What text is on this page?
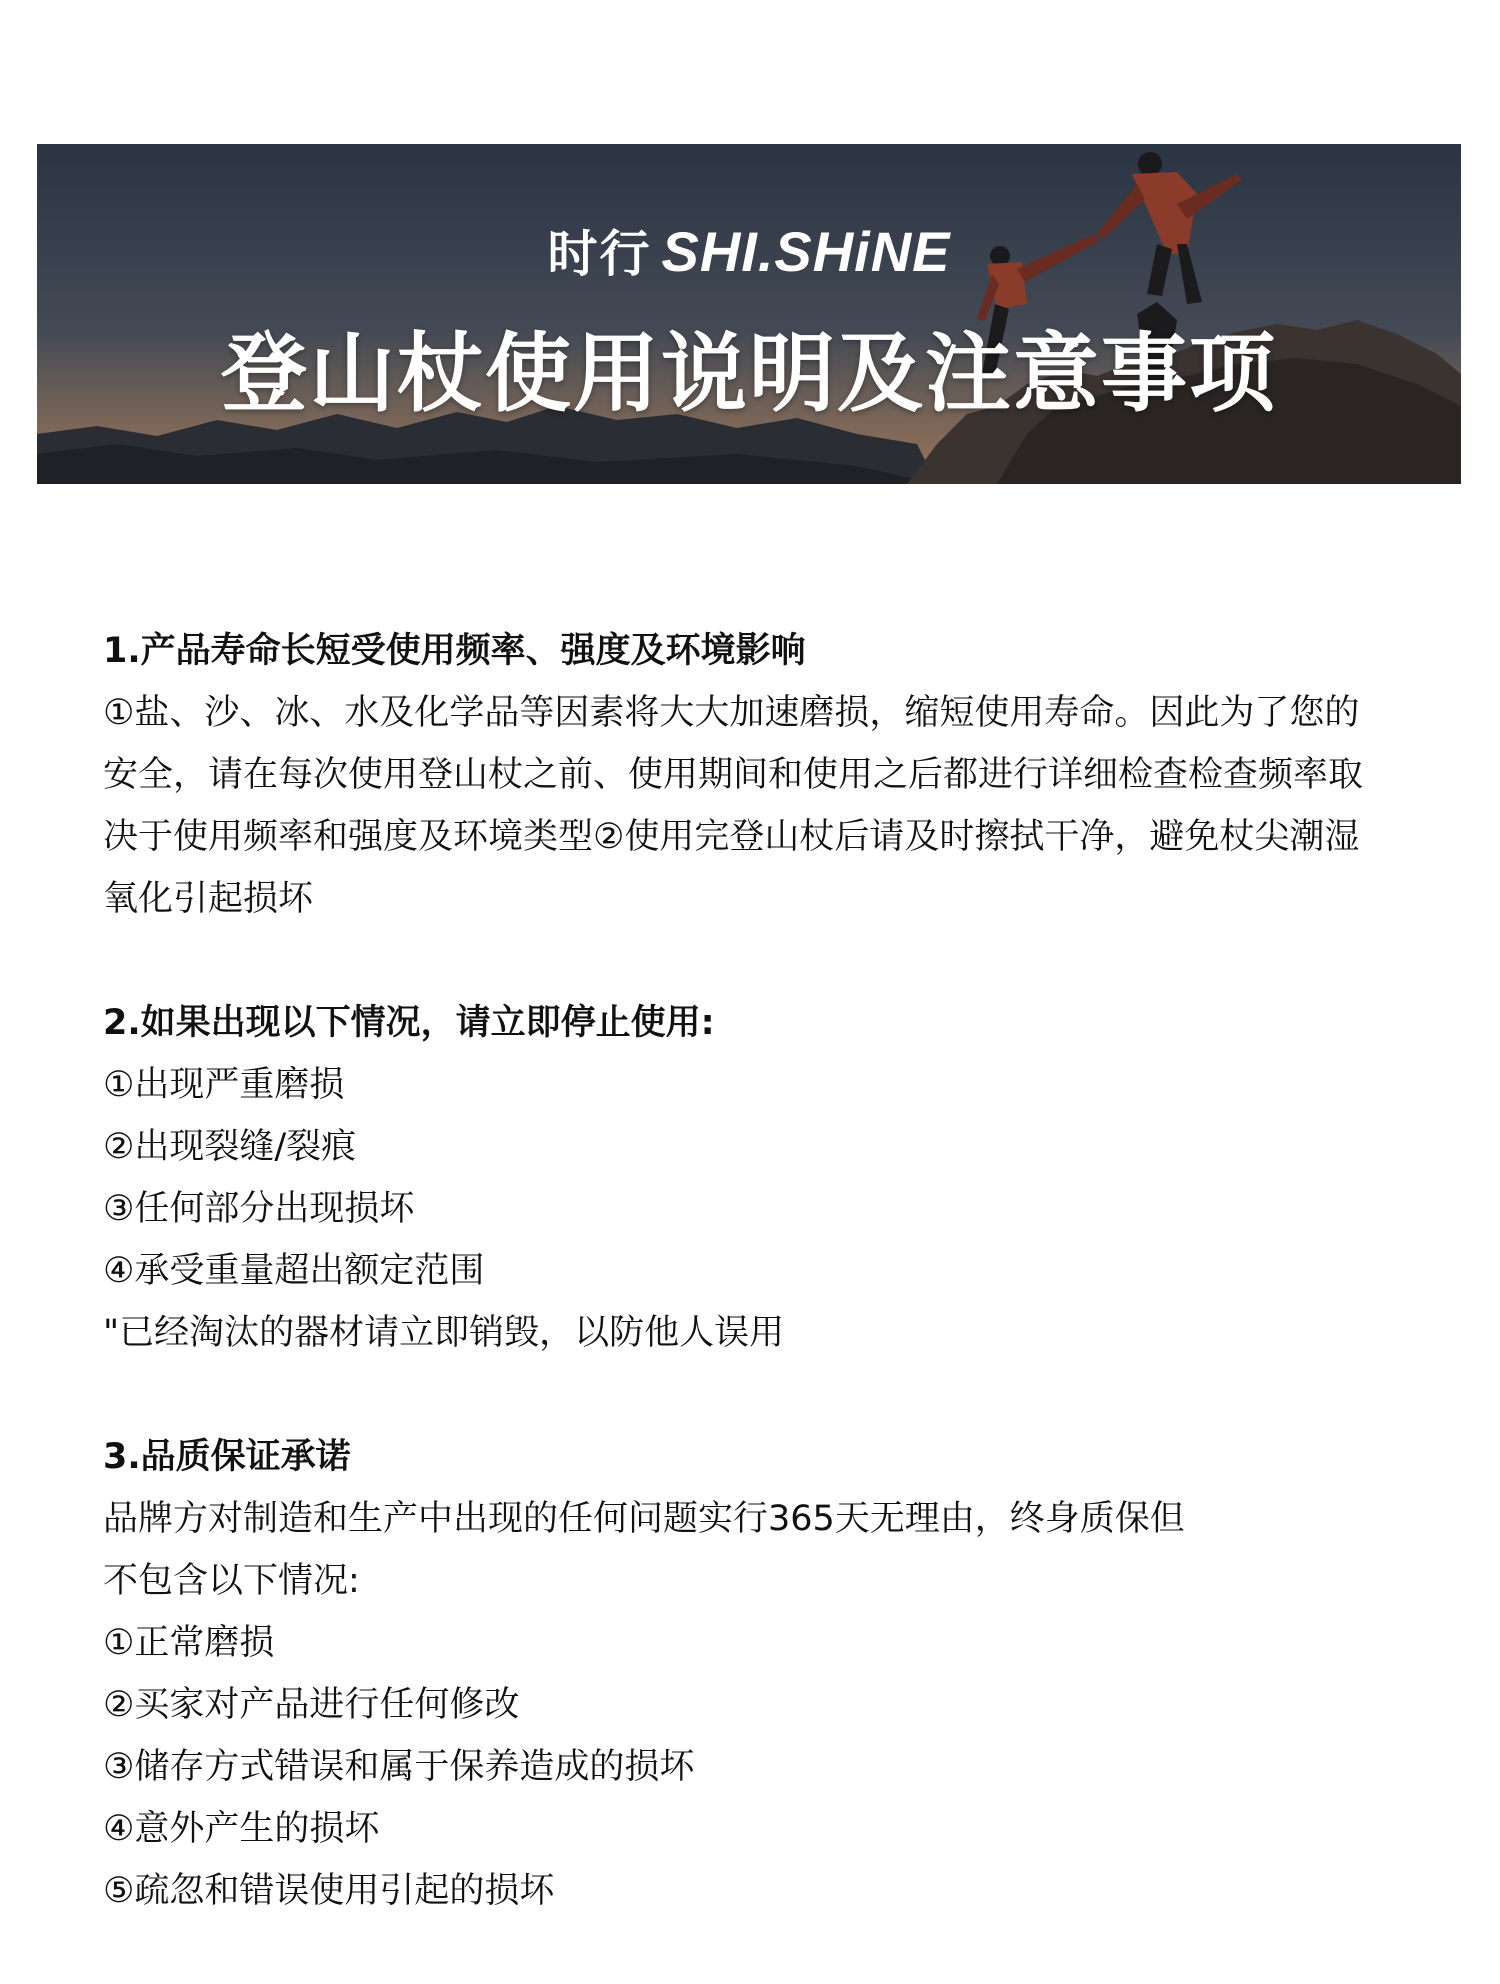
时行 SHI.SHiNE
登山杖使用说明及注意事项

1.产品寿命长短受使用频率、强度及环境影响

①盐、沙、冰、水及化学品等因素将大大加速磨损，缩短使用寿命。因此为了您的安全，请在每次使用登山杖之前、使用期间和使用之后都进行详细检查检查频率取决于使用频率和强度及环境类型②使用完登山杖后请及时擦拭干净，避免杖尖潮湿氧化引起损坏

2.如果出现以下情况，请立即停止使用:

①出现严重磨损

②出现裂缝/裂痕

③任何部分出现损坏

④承受重量超出额定范围

"已经淘汰的器材请立即销毁，以防他人误用

3.品质保证承诺

品牌方对制造和生产中出现的任何问题实行365天无理由，终身质保但

不包含以下情况:

①正常磨损

②买家对产品进行任何修改

③储存方式错误和属于保养造成的损坏

④意外产生的损坏

⑤疏忽和错误使用引起的损坏
